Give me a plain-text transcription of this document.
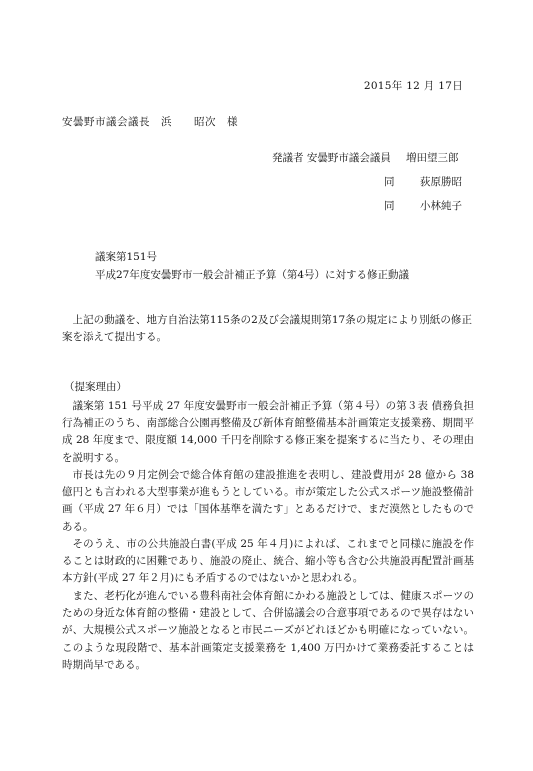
2015年 12 月 17日
安曇野市議会議長　浜　　昭次　様
発議者 安曇野市議会議員 増田望三郎
同 荻原勝昭
同 小林純子
議案第151号
平成27年度安曇野市一般会計補正予算（第4号）に対する修正動議
上記の動議を、地方自治法第115条の2及び会議規則第17条の規定により別紙の修正案を添えて提出する。
（提案理由）
議案第 151 号平成 27 年度安曇野市一般会計補正予算（第４号）の第３表 債務負担行為補正のうち、南部総合公園再整備及び新体育館整備基本計画策定支援業務、期間平成 28 年度まで、限度額 14,000 千円を削除する修正案を提案するに当たり、その理由を説明する。
市長は先の９月定例会で総合体育館の建設推進を表明し、建設費用が 28 億から 38 億円とも言われる大型事業が進もうとしている。市が策定した公式スポーツ施設整備計画（平成 27 年６月）では「国体基準を満たす」とあるだけで、まだ漠然としたものである。
そのうえ、市の公共施設白書(平成 25 年４月)によれば、これまでと同様に施設を作ることは財政的に困難であり、施設の廃止、統合、縮小等も含む公共施設再配置計画基本方針(平成 27 年２月)にも矛盾するのではないかと思われる。
また、老朽化が進んでいる豊科南社会体育館にかわる施設としては、健康スポーツのための身近な体育館の整備・建設として、合併協議会の合意事項であるので異存はないが、大規模公式スポーツ施設となると市民ニーズがどれほどかも明確になっていない。このような現段階で、基本計画策定支援業務を 1,400 万円かけて業務委託することは時期尚早である。
